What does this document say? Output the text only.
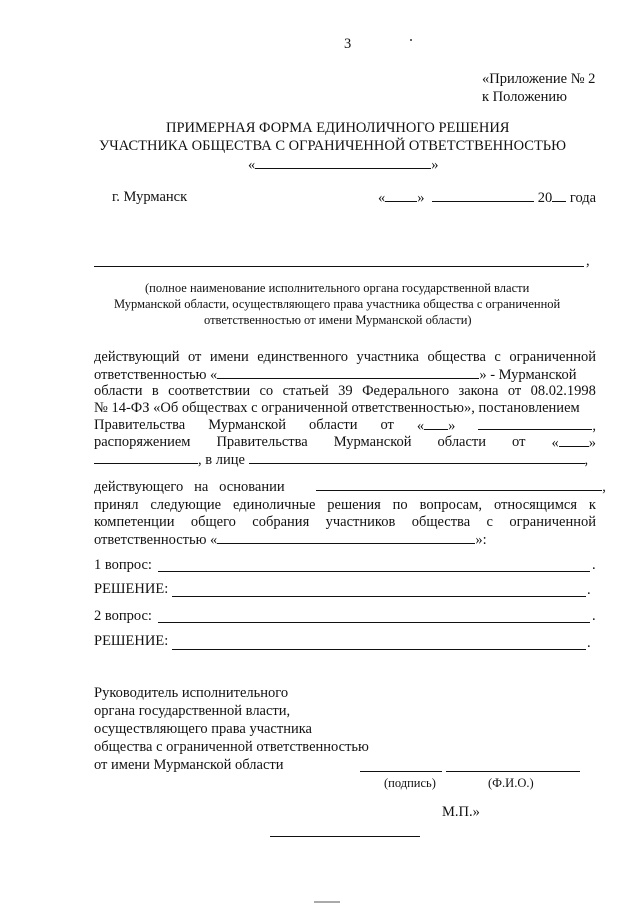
3
«Приложение № 2
к Положению
ПРИМЕРНАЯ ФОРМА ЕДИНОЛИЧНОГО РЕШЕНИЯ
УЧАСТНИКА ОБЩЕСТВА С ОГРАНИЧЕННОЙ ОТВЕТСТВЕННОСТЬЮ
«	»
г. Мурманск	« »	20 года
,
(полное наименование исполнительного органа государственной власти
Мурманской области, осуществляющего права участника общества с ограниченной
ответственностью от имени Мурманской области)
действующий от имени единственного участника общества с ограниченной
ответственностью «	» - Мурманской
области в соответствии со статьей 39 Федерального закона от 08.02.1998
№ 14-ФЗ «Об обществах с ограниченной ответственностью», постановлением
Правительства Мурманской области от « »	,
распоряжением Правительства Мурманской области от « »
, в лице	,
действующего на основании	,
принял следующие единоличные решения по вопросам, относящимся к
компетенции общего собрания участников общества с ограниченной
ответственностью «	»:
1 вопрос:	.
РЕШЕНИЕ:	.
2 вопрос:	.
РЕШЕНИЕ:	.
Руководитель исполнительного
органа государственной власти,
осуществляющего права участника
общества с ограниченной ответственностью
от имени Мурманской области
(подпись)	(Ф.И.О.)
М.П.»
